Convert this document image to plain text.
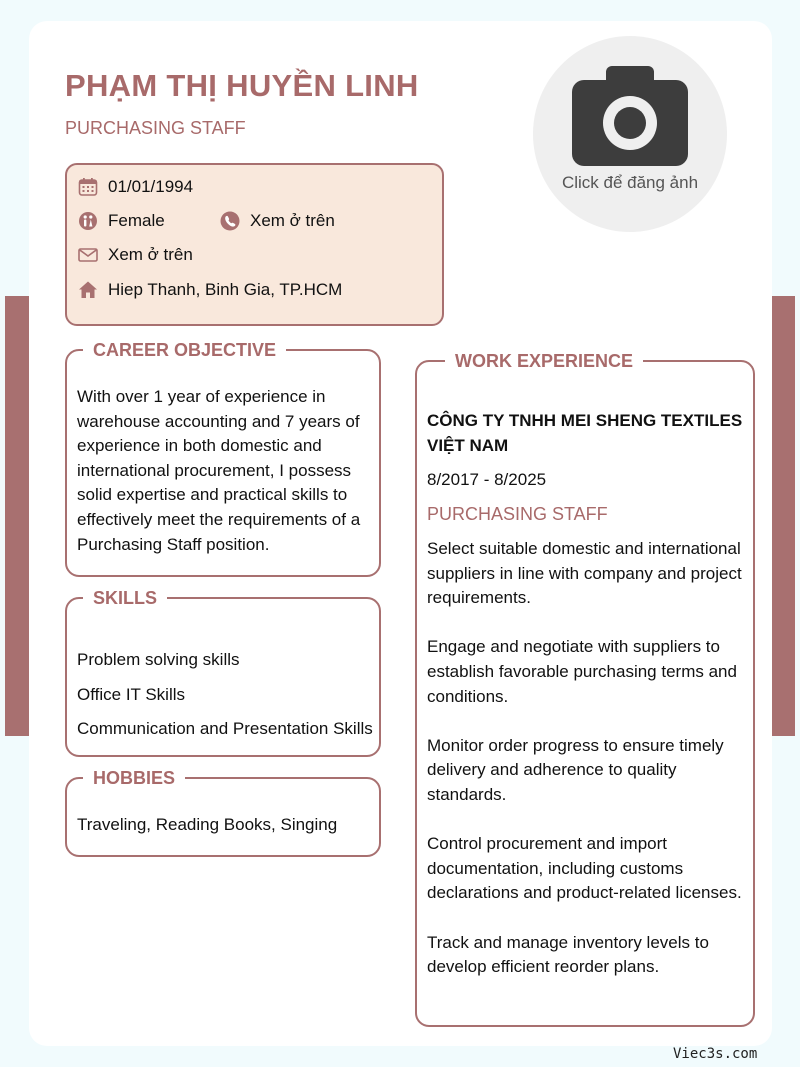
PHẠM THỊ HUYỀN LINH
PURCHASING STAFF
Click để đăng ảnh
01/01/1994
Female	Xem ở trên
Xem ở trên
Hiep Thanh, Binh Gia, TP.HCM
CAREER OBJECTIVE
With over 1 year of experience in warehouse accounting and 7 years of experience in both domestic and international procurement, I possess solid expertise and practical skills to effectively meet the requirements of a Purchasing Staff position.
SKILLS
Problem solving skills
Office IT Skills
Communication and Presentation Skills
HOBBIES
Traveling, Reading Books, Singing
WORK EXPERIENCE
CÔNG TY TNHH MEI SHENG TEXTILES VIỆT NAM
8/2017 - 8/2025
PURCHASING STAFF
Select suitable domestic and international suppliers in line with company and project requirements.
Engage and negotiate with suppliers to establish favorable purchasing terms and conditions.
Monitor order progress to ensure timely delivery and adherence to quality standards.
Control procurement and import documentation, including customs declarations and product-related licenses.
Track and manage inventory levels to develop efficient reorder plans.
Viec3s.com
